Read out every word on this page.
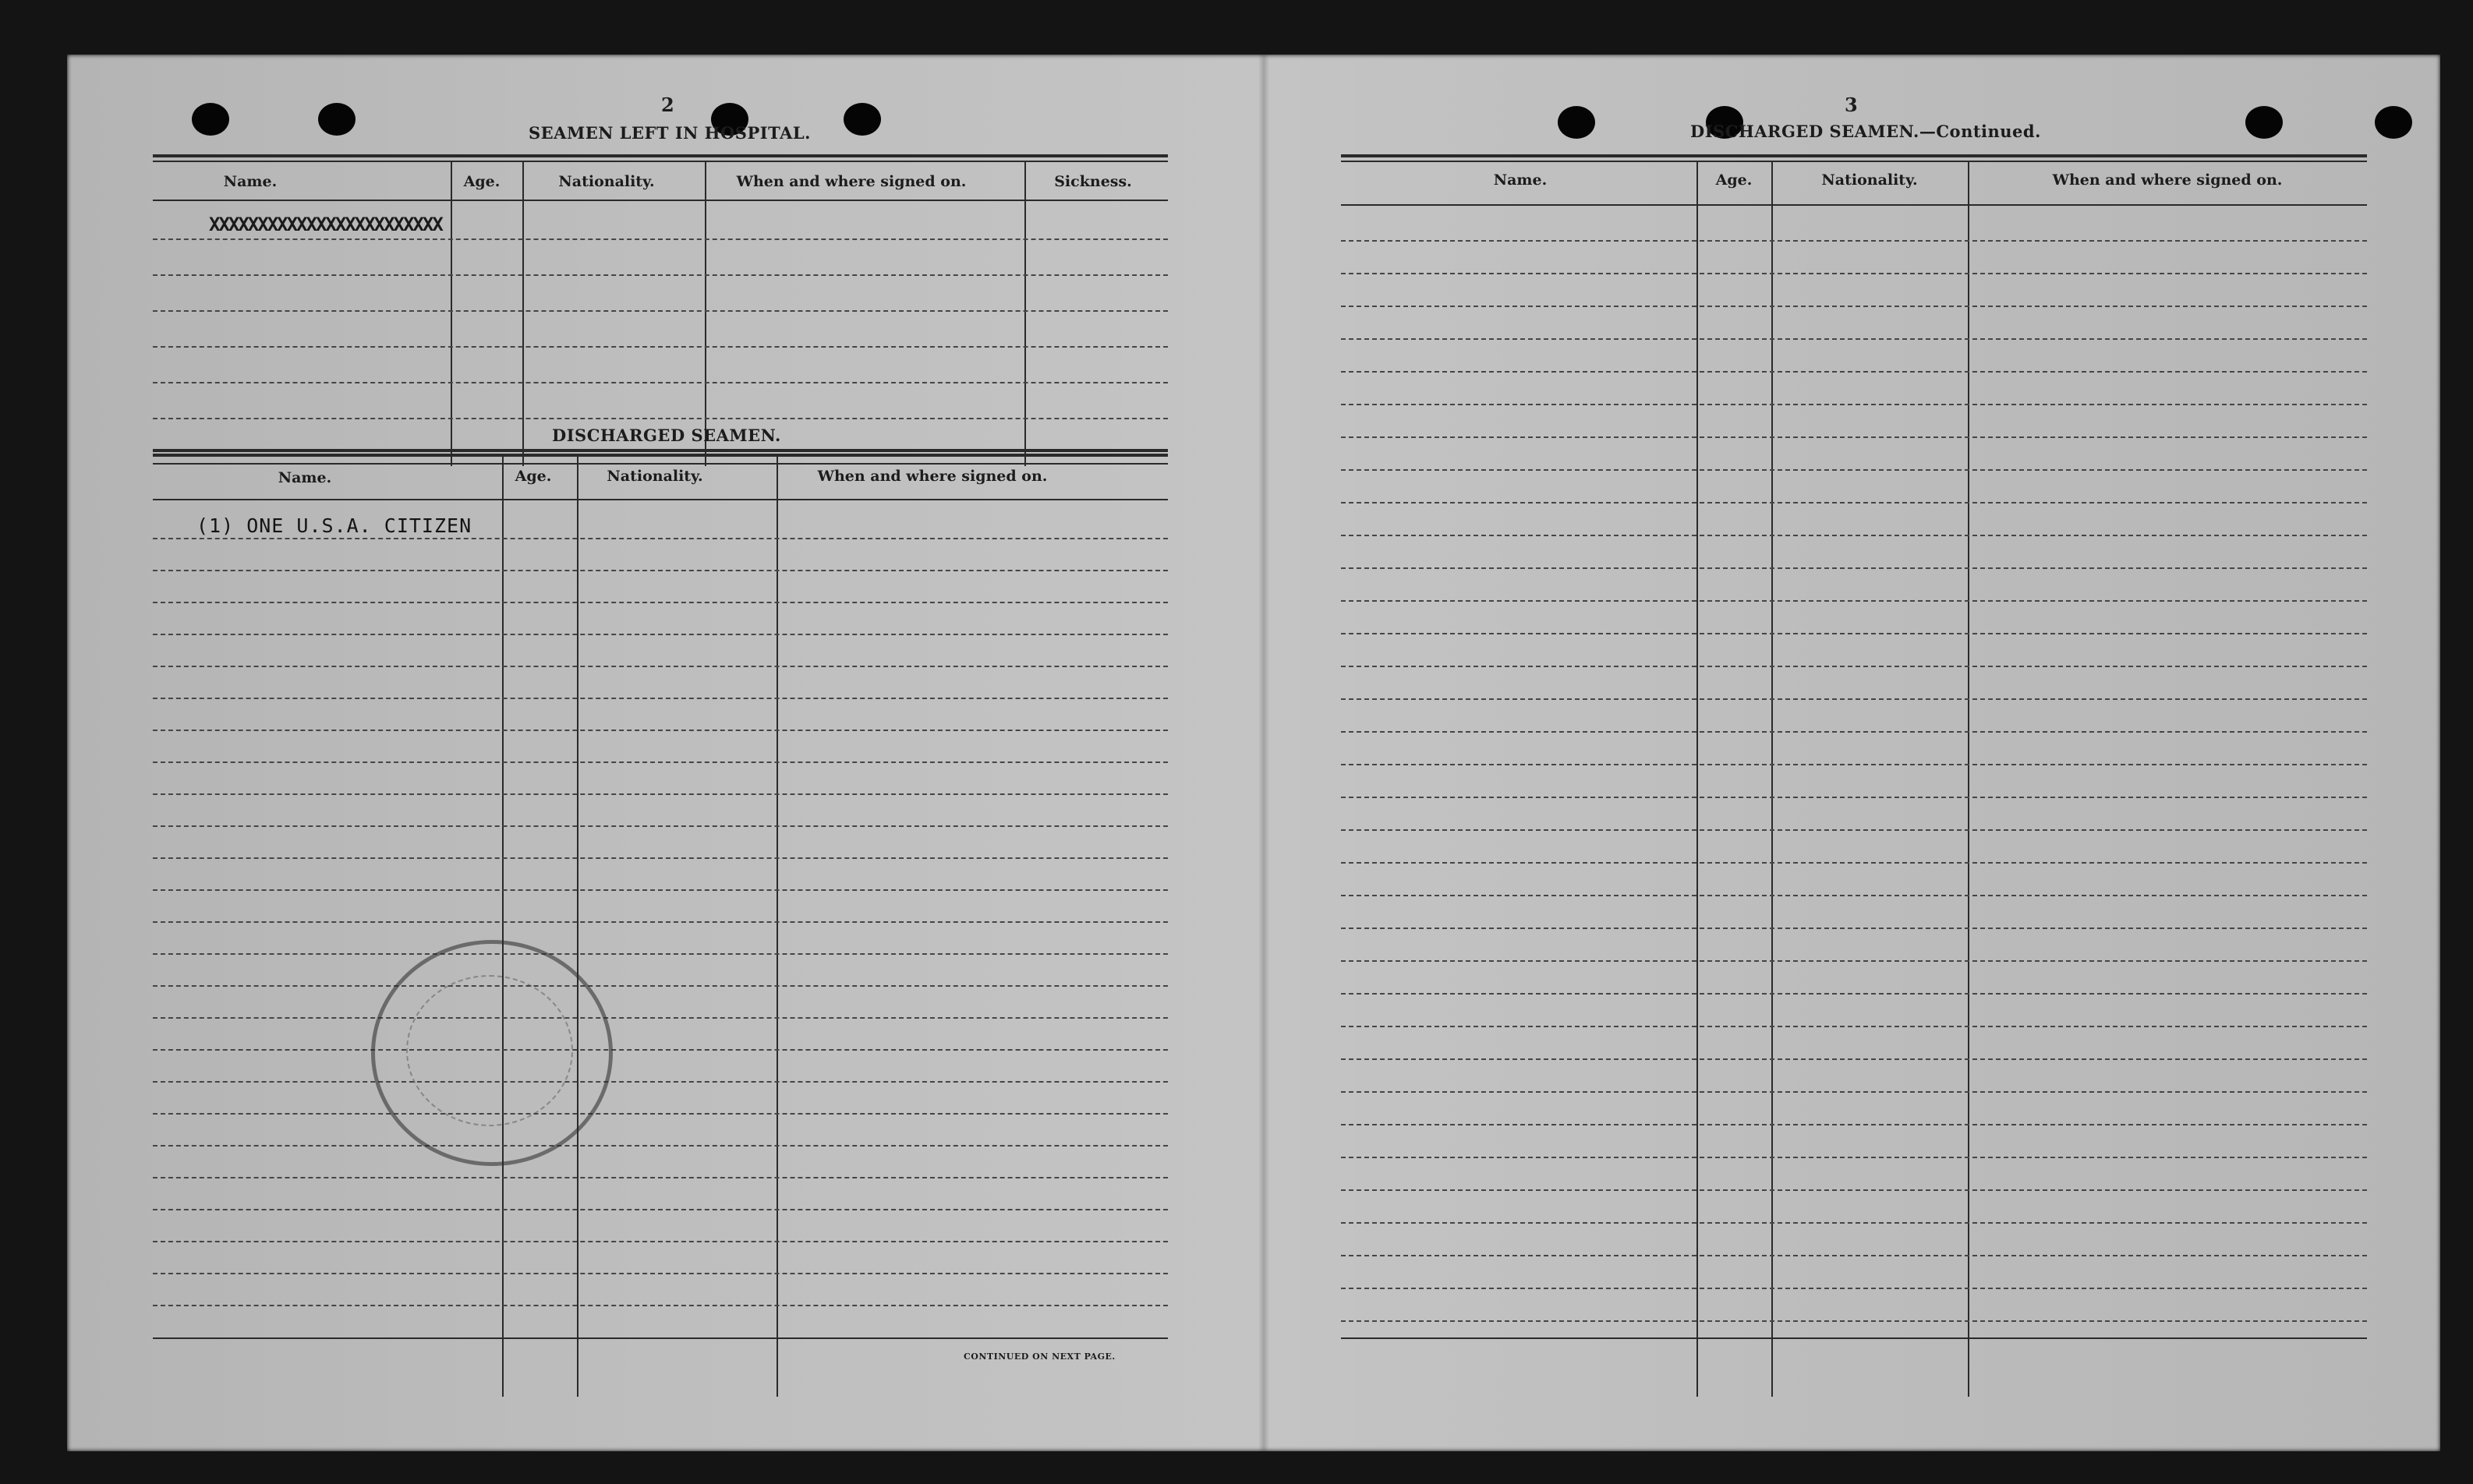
2
SEAMEN LEFT IN HOSPITAL.
Name.	Age.	Nationality.	When and where signed on.	Sickness.
XXXXXXXXXXXXXXXXXXXXXXXX
DISCHARGED SEAMEN.
Name.	Age.	Nationality.	When and where signed on.
(1) ONE U.S.A. CITIZEN
CONTINUED ON NEXT PAGE.
3
DISCHARGED SEAMEN.—Continued.
Name.	Age.	Nationality.	When and where signed on.
